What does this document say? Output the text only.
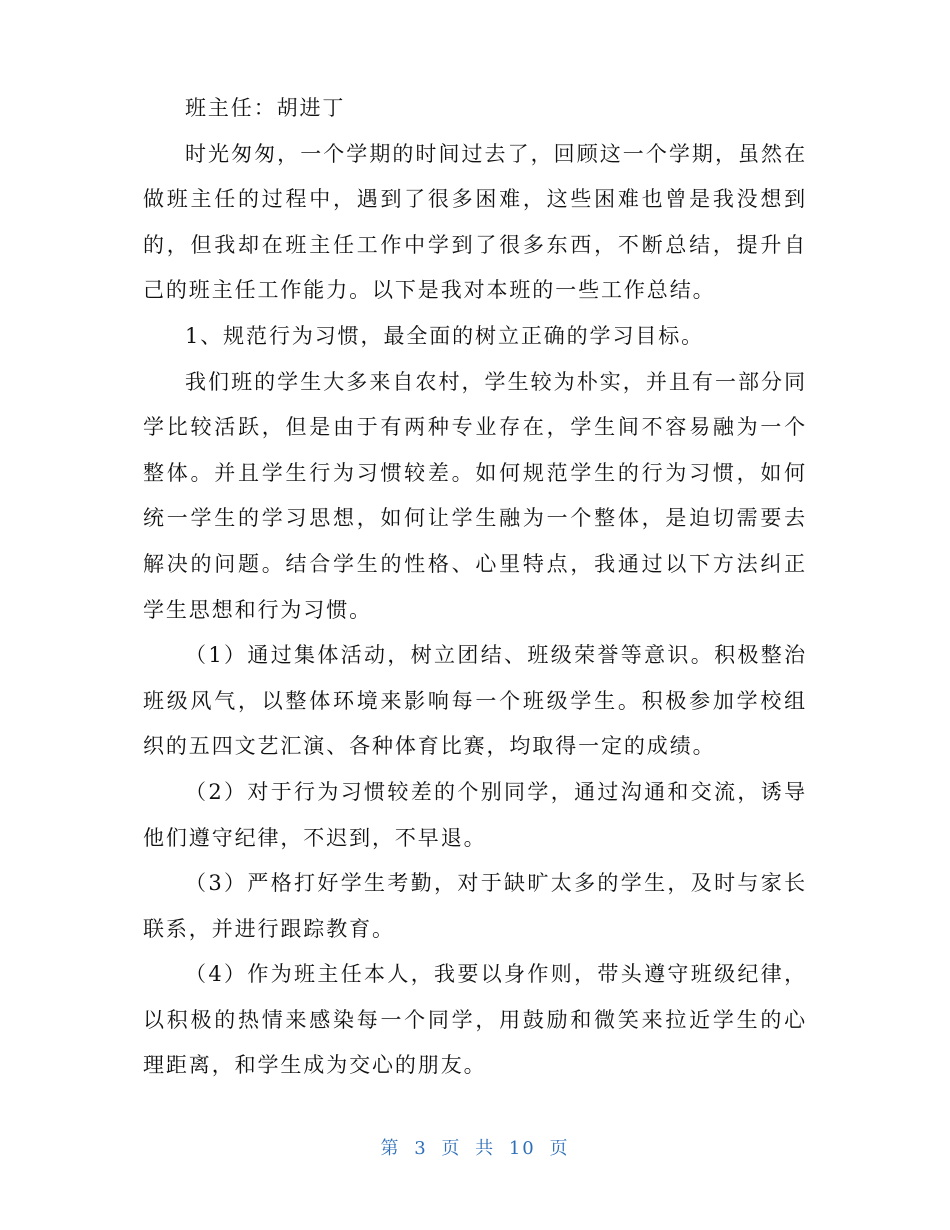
班主任：胡进丁

时光匆匆，一个学期的时间过去了，回顾这一个学期，虽然在做班主任的过程中，遇到了很多困难，这些困难也曾是我没想到的，但我却在班主任工作中学到了很多东西，不断总结，提升自己的班主任工作能力。以下是我对本班的一些工作总结。

1、规范行为习惯，最全面的树立正确的学习目标。

我们班的学生大多来自农村，学生较为朴实，并且有一部分同学比较活跃，但是由于有两种专业存在，学生间不容易融为一个整体。并且学生行为习惯较差。如何规范学生的行为习惯，如何统一学生的学习思想，如何让学生融为一个整体，是迫切需要去解决的问题。结合学生的性格、心里特点，我通过以下方法纠正学生思想和行为习惯。

（1）通过集体活动，树立团结、班级荣誉等意识。积极整治班级风气，以整体环境来影响每一个班级学生。积极参加学校组织的五四文艺汇演、各种体育比赛，均取得一定的成绩。

（2）对于行为习惯较差的个别同学，通过沟通和交流，诱导他们遵守纪律，不迟到，不早退。

（3）严格打好学生考勤，对于缺旷太多的学生，及时与家长联系，并进行跟踪教育。

（4）作为班主任本人，我要以身作则，带头遵守班级纪律，以积极的热情来感染每一个同学，用鼓励和微笑来拉近学生的心理距离，和学生成为交心的朋友。

第 3 页 共 10 页
